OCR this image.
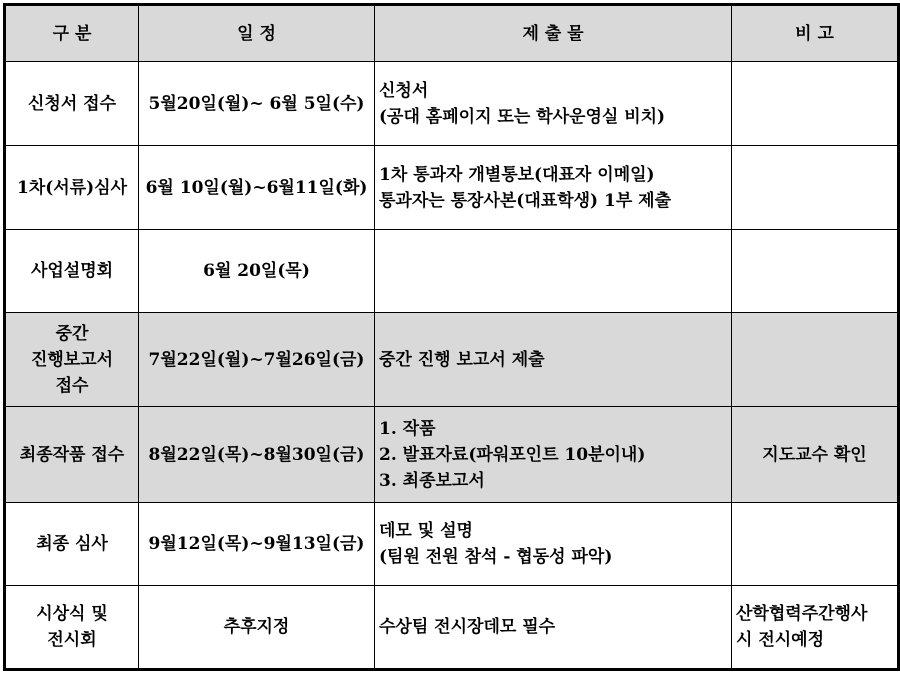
구 분	일 정	제 출 물	비 고

신청서 접수	5월20일(월)~ 6월 5일(수)	신청서
(공대 홈페이지 또는 학사운영실 비치)	

1차(서류)심사	6월 10일(월)~6월11일(화)	1차 통과자 개별통보(대표자 이메일)
통과자는 통장사본(대표학생) 1부 제출	

사업설명회	6월 20일(목)		

중간
진행보고서
접수	7월22일(월)~7월26일(금)	중간 진행 보고서 제출	

최종작품 접수	8월22일(목)~8월30일(금)	1. 작품
2. 발표자료(파워포인트 10분이내)
3. 최종보고서	지도교수 확인

최종 심사	9월12일(목)~9월13일(금)	데모 및 설명
(팀원 전원 참석 - 협동성 파악)	

시상식 및
전시회	추후지정	수상팀 전시장데모 필수	산학협력주간행사
시 전시예정
